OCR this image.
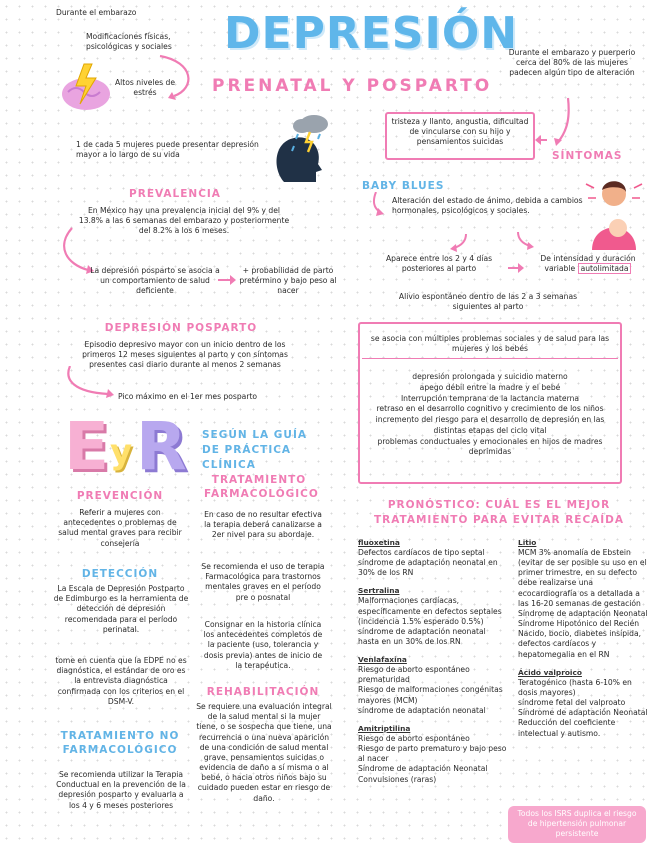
Durante el embarazo
Modificaciones físicas, psicológicas y sociales
Altos niveles de estrés
DEPRESIÓN
PRENATAL Y POSPARTO
Durante el embarazo y puerperio cerca del 80% de las mujeres padecen algún tipo de alteración
1 de cada 5 mujeres puede presentar depresión mayor a lo largo de su vida
tristeza y llanto, angustia, dificultad de vincularse con su hijo y pensamientos suicidas
SÍNTOMAS
PREVALENCIA
En México hay una prevalencia inicial del 9% y del 13.8% a las 6 semanas del embarazo y posteriormente del 8.2% a los 6 meses.
La depresión posparto se asocia a un comportamiento de salud deficiente
+ probabilidad de parto pretérmino y bajo peso al nacer
BABY BLUES
Alteración del estado de ánimo, debida a cambios hormonales, psicológicos y sociales.
Aparece entre los 2 y 4 días posteriores al parto
De intensidad y duración variable autolimitada
Alivio espontáneo dentro de las 2 a 3 semanas siguientes al parto
DEPRESIÓN POSPARTO
Episodio depresivo mayor con un inicio dentro de los primeros 12 meses siguientes al parto y con síntomas presentes casi diario durante al menos 2 semanas
Pico máximo en el 1er mes posparto
se asocia con múltiples problemas sociales y de salud para las mujeres y los bebés
depresión prolongada y suicidio materno
apego débil entre la madre y el bebé
Interrupción temprana de la lactancia materna
retraso en el desarrollo cognitivo y crecimiento de los niños
incremento del riesgo para el desarrollo de depresión en las distintas etapas del ciclo vital
problemas conductuales y emocionales en hijos de madres deprimidas
E y R SEGÚN LA GUÍA DE PRÁCTICA CLÍNICA
PREVENCIÓN
Referir a mujeres con antecedentes o problemas de salud mental graves para recibir consejería
DETECCIÓN
La Escala de Depresión Postparto de Edimburgo es la herramienta de detección de depresión recomendada para el período perinatal.
tome en cuenta que la EDPE no es diagnóstica, el estándar de oro es la entrevista diagnóstica confirmada con los criterios en el DSM-V.
TRATAMIENTO NO FARMACOLÓGICO
Se recomienda utilizar la Terapia Conductual en la prevención de la depresión posparto y evaluarla a los 4 y 6 meses posteriores
TRATAMIENTO FARMACOLÓGICO
En caso de no resultar efectiva la terapia deberá canalizarse a 2er nivel para su abordaje.
Se recomienda el uso de terapia Farmacológica para trastornos mentales graves en el período pre o posnatal
Consignar en la historia clínica los antecedentes completos de la paciente (uso, tolerancia y dosis previa) antes de inicio de la terapéutica.
REHABILITACIÓN
Se requiere una evaluación integral de la salud mental si la mujer tiene, o se sospecha que tiene, una recurrencia o una nueva aparición de una condición de salud mental grave. pensamientos suicidas o evidencia de daño a sí misma o al bebé, o hacia otros niños bajo su cuidado pueden estar en riesgo de daño.
PRONÓSTICO: CUÁL ES EL MEJOR TRATAMIENTO PARA EVITAR RECAÍDA
fluoxetina
Defectos cardíacos de tipo septal
síndrome de adaptación neonatal en 30% de los RN
Sertralina
Malformaciones cardíacas, específicamente en defectos septales (incidencia 1.5% esperado 0.5%)
síndrome de adaptación neonatal hasta en un 30% de los RN
Venlafaxina
Riesgo de aborto espontáneo
prematuridad
Riesgo de malformaciones congénitas mayores (MCM)
síndrome de adaptación neonatal
Amitriptilina
Riesgo de aborto espontáneo
Riesgo de parto prematuro y bajo peso al nacer
Síndrome de adaptación Neonatal
Convulsiones (raras)
Litio
MCM 3% anomalía de Ebstein (evitar de ser posible su uso en el primer trimestre, en su defecto debe realizarse una ecocardiografía os a detallada a las 16-20 semanas de gestación
Síndrome de adaptación Neonatal
Síndrome Hipotónico del Recién Nacido, bocio, diabetes insípida, defectos cardíacos y hepatomegalia en el RN
Ácido valproico
Teratogénico (hasta 6-10% en dosis mayores)
síndrome fetal del valproato
Síndrome de adaptación Neonatal
Reducción del coeficiente intelectual y autismo.
Todos los ISRS duplica el riesgo de hipertensión pulmonar persistente
